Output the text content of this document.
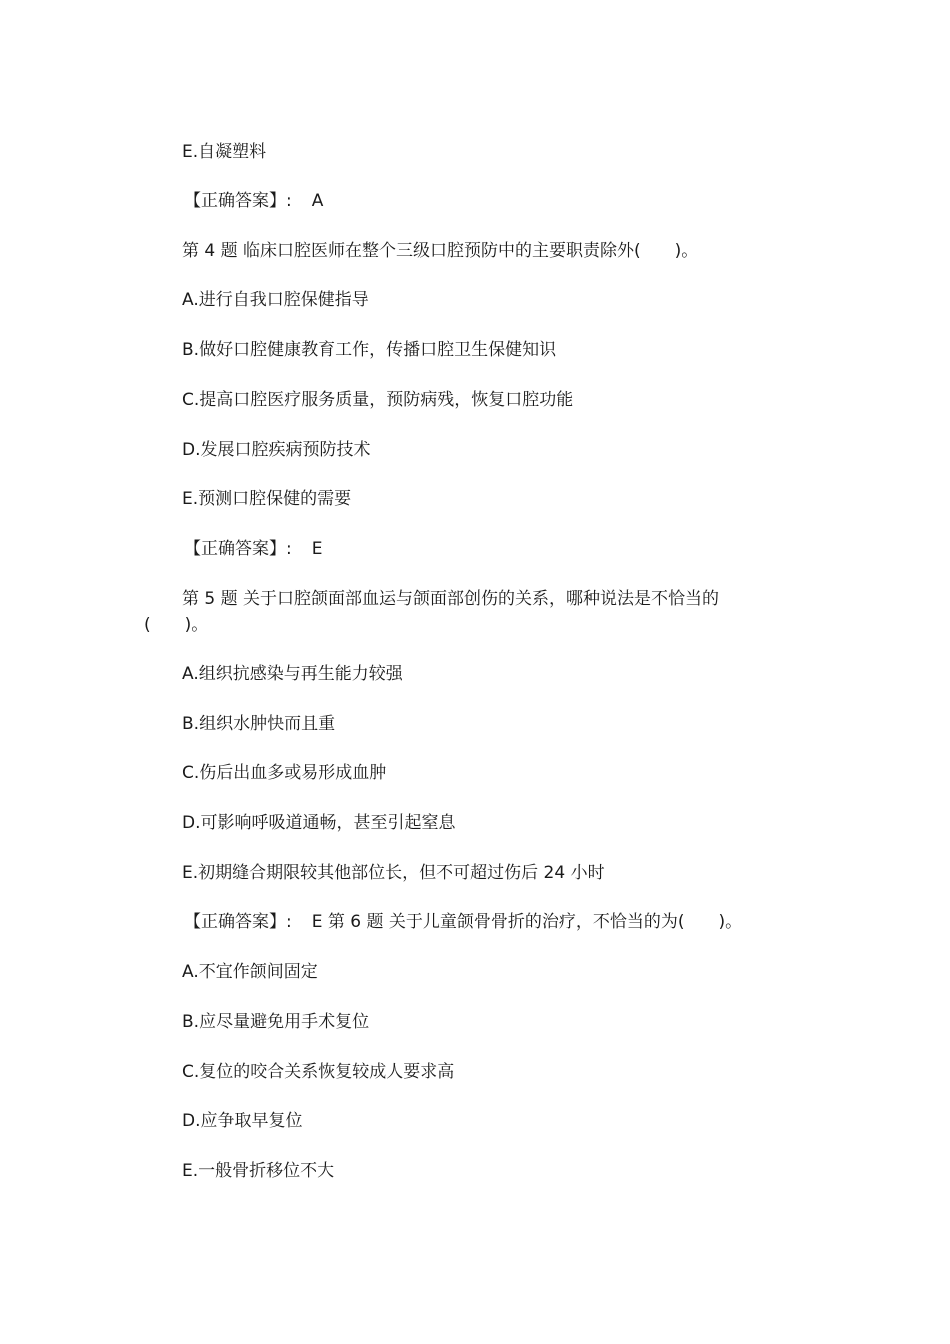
E.自凝塑料
【正确答案】: A
第 4 题 临床口腔医师在整个三级口腔预防中的主要职责除外(　　)。
A.进行自我口腔保健指导
B.做好口腔健康教育工作，传播口腔卫生保健知识
C.提高口腔医疗服务质量，预防病残，恢复口腔功能
D.发展口腔疾病预防技术
E.预测口腔保健的需要
【正确答案】: E
第 5 题 关于口腔颌面部血运与颌面部创伤的关系，哪种说法是不恰当的
(　　)。
A.组织抗感染与再生能力较强
B.组织水肿快而且重
C.伤后出血多或易形成血肿
D.可影响呼吸道通畅，甚至引起窒息
E.初期缝合期限较其他部位长，但不可超过伤后 24 小时
【正确答案】: E 第 6 题 关于儿童颌骨骨折的治疗，不恰当的为(　　)。
A.不宜作颌间固定
B.应尽量避免用手术复位
C.复位的咬合关系恢复较成人要求高
D.应争取早复位
E.一般骨折移位不大
